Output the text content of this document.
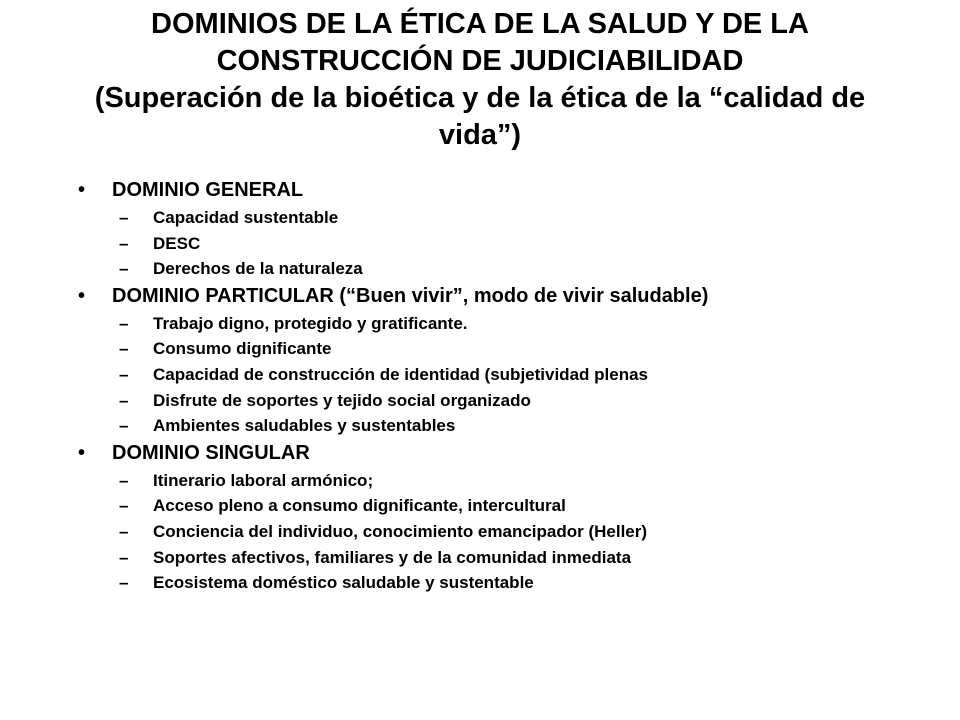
DOMINIOS DE LA ÉTICA DE LA SALUD Y DE LA
CONSTRUCCIÓN DE JUDICIABILIDAD
(Superación de la bioética y de la ética de la “calidad de
vida”)
• DOMINIO GENERAL
– Capacidad sustentable
– DESC
– Derechos de la naturaleza
• DOMINIO PARTICULAR (“Buen vivir”, modo de vivir saludable)
– Trabajo digno, protegido y gratificante.
– Consumo dignificante
– Capacidad de construcción de identidad (subjetividad plenas
– Disfrute de soportes y tejido social organizado
– Ambientes saludables y sustentables
• DOMINIO SINGULAR
– Itinerario laboral armónico;
– Acceso pleno a consumo dignificante, intercultural
– Conciencia del individuo, conocimiento emancipador (Heller)
– Soportes afectivos, familiares y de la comunidad inmediata
– Ecosistema doméstico saludable y sustentable
